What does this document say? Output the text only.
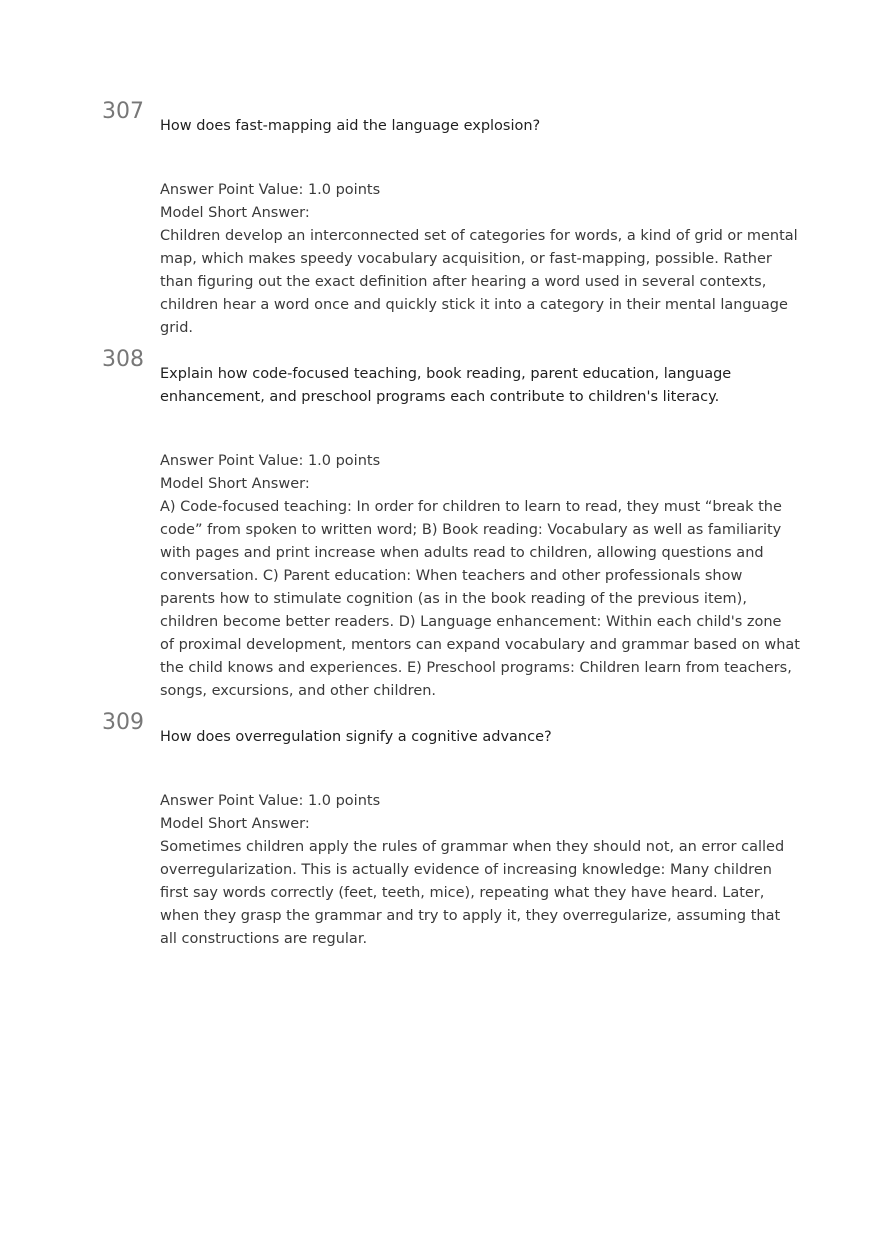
307
How does fast-mapping aid the language explosion?
Answer Point Value: 1.0 points
Model Short Answer:
Children develop an interconnected set of categories for words, a kind of grid or mental map, which makes speedy vocabulary acquisition, or fast-mapping, possible. Rather than figuring out the exact definition after hearing a word used in several contexts, children hear a word once and quickly stick it into a category in their mental language grid.
308
Explain how code-focused teaching, book reading, parent education, language enhancement, and preschool programs each contribute to children's literacy.
Answer Point Value: 1.0 points
Model Short Answer:
A) Code-focused teaching: In order for children to learn to read, they must “break the code” from spoken to written word; B) Book reading: Vocabulary as well as familiarity with pages and print increase when adults read to children, allowing questions and conversation. C) Parent education: When teachers and other professionals show parents how to stimulate cognition (as in the book reading of the previous item), children become better readers. D) Language enhancement: Within each child's zone of proximal development, mentors can expand vocabulary and grammar based on what the child knows and experiences. E) Preschool programs: Children learn from teachers, songs, excursions, and other children.
309
How does overregulation signify a cognitive advance?
Answer Point Value: 1.0 points
Model Short Answer:
Sometimes children apply the rules of grammar when they should not, an error called overregularization. This is actually evidence of increasing knowledge: Many children first say words correctly (feet, teeth, mice), repeating what they have heard. Later, when they grasp the grammar and try to apply it, they overregularize, assuming that all constructions are regular.
